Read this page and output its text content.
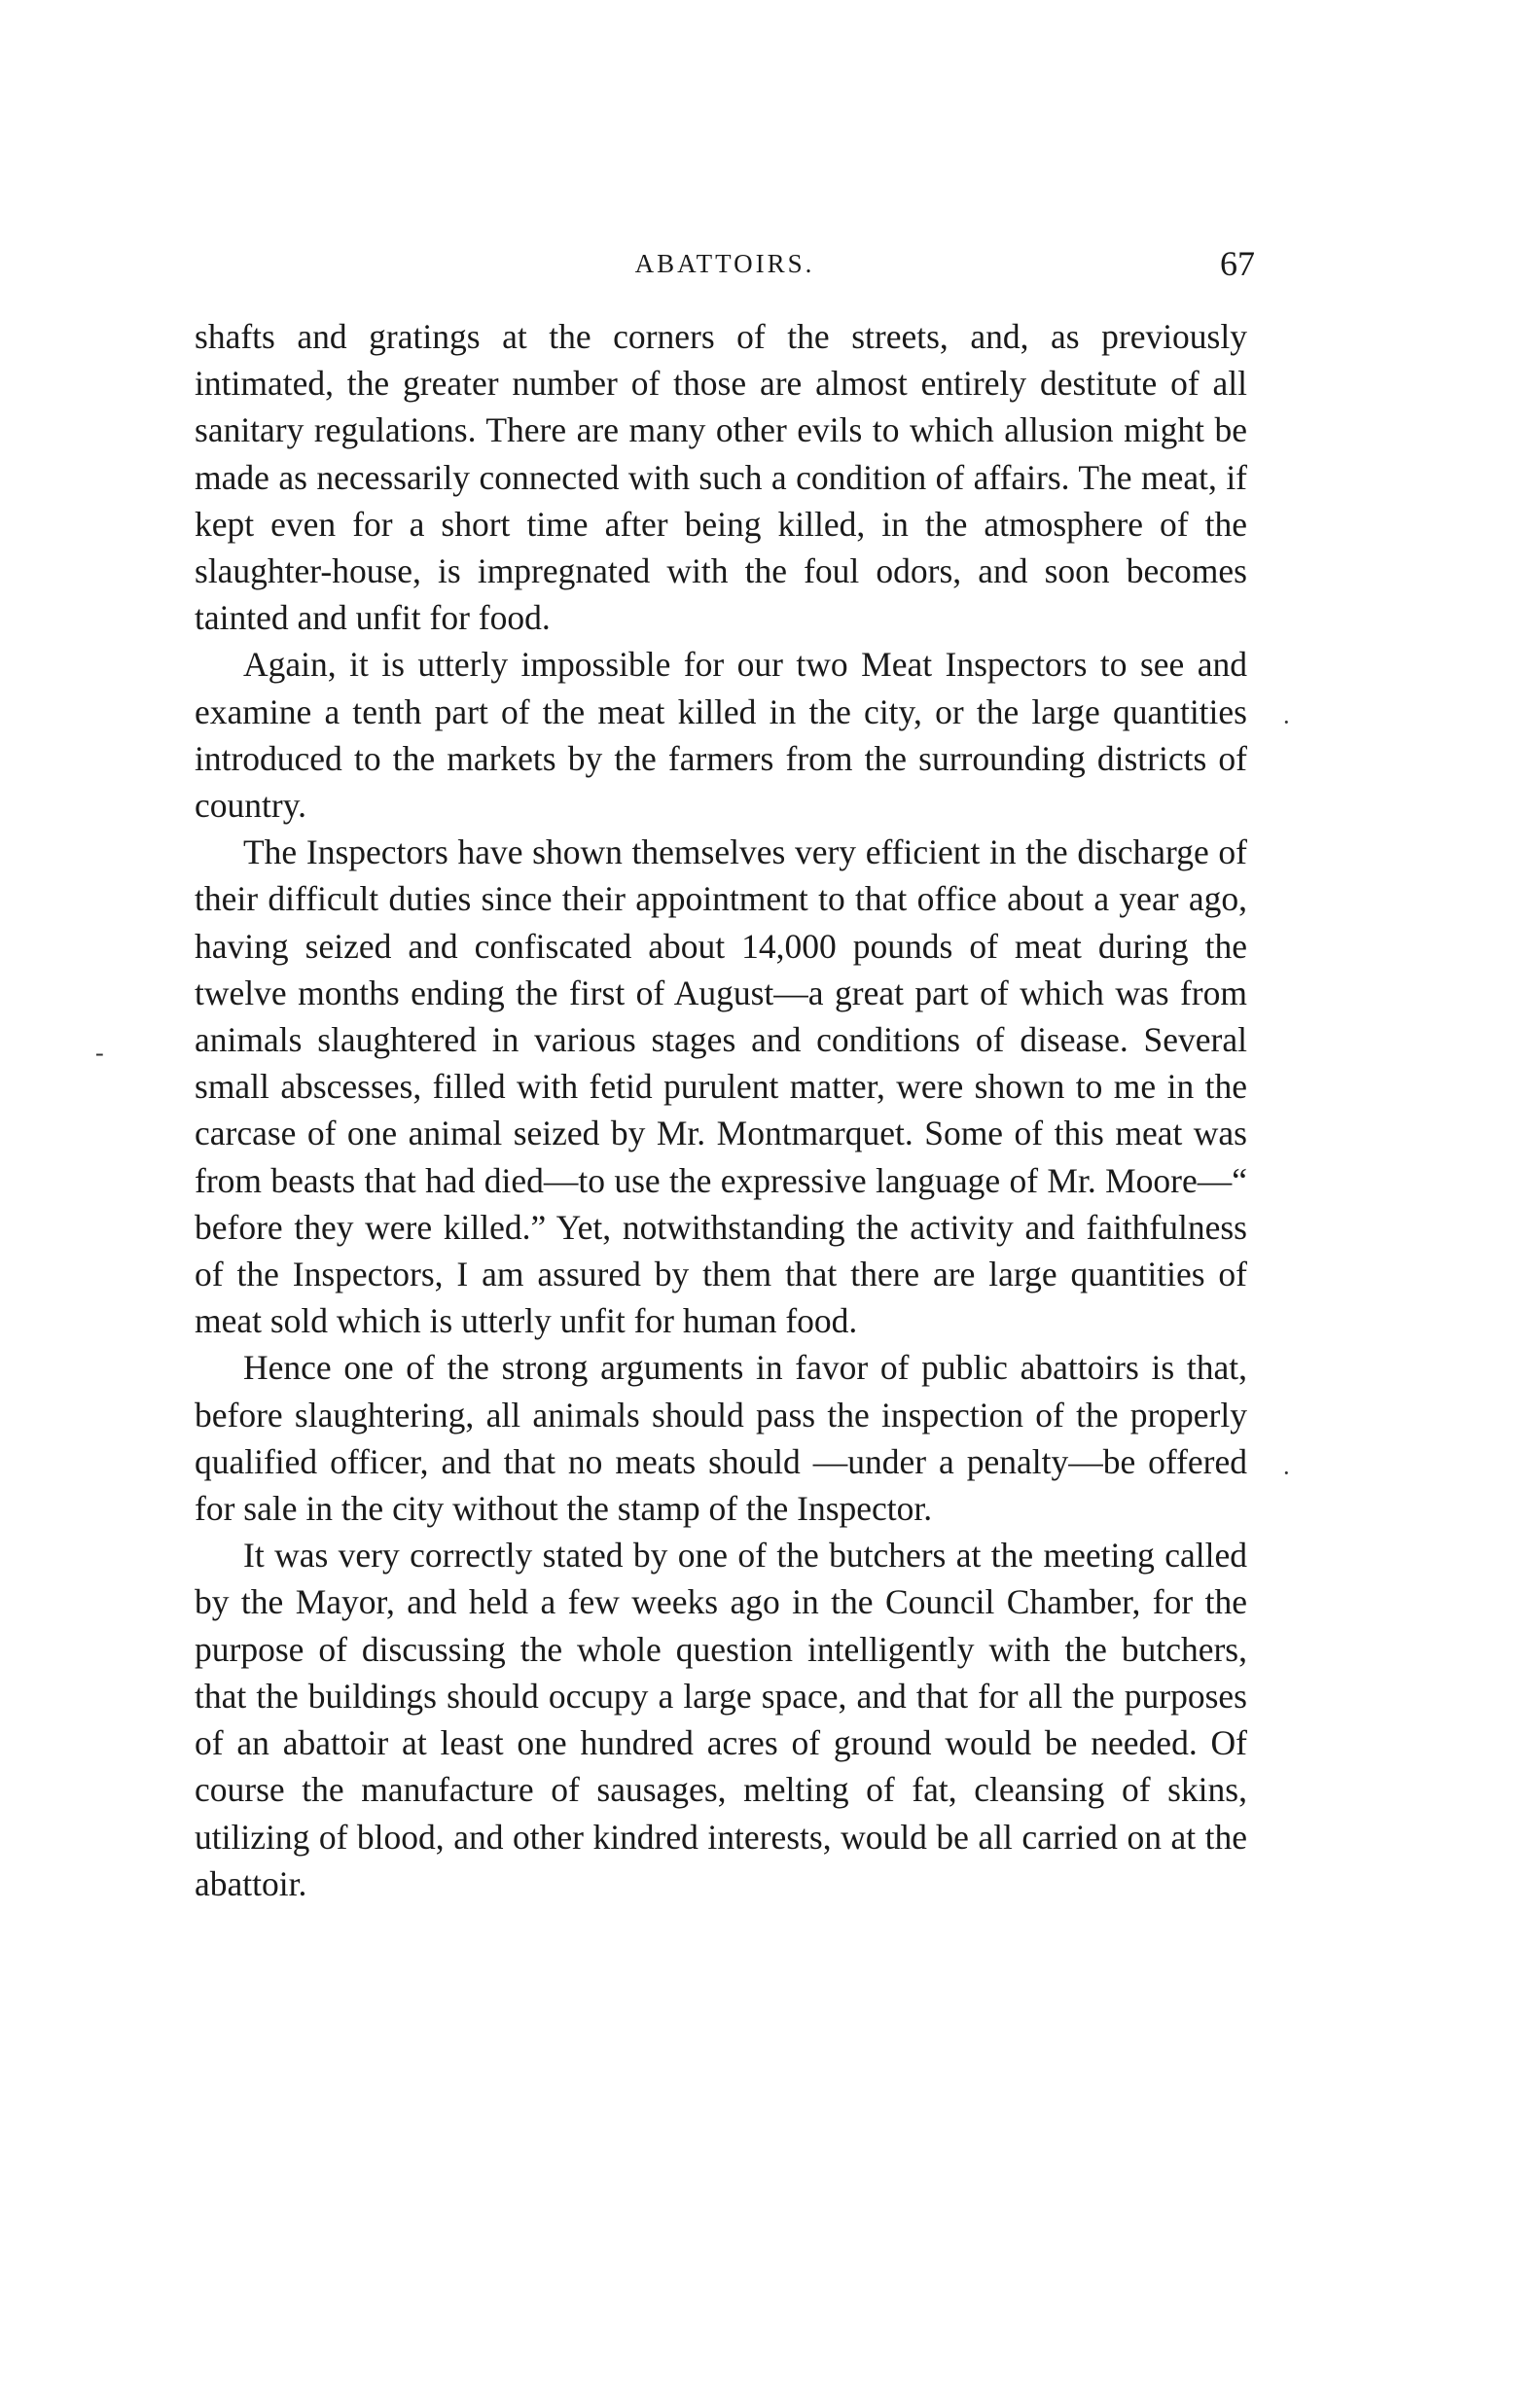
ABATTOIRS.	67

shafts and gratings at the corners of the streets, and, as previously intimated, the greater number of those are almost entirely destitute of all sanitary regulations. There are many other evils to which allusion might be made as necessarily connected with such a condition of affairs. The meat, if kept even for a short time after being killed, in the atmosphere of the slaughter-house, is impregnated with the foul odors, and soon becomes tainted and unfit for food.

Again, it is utterly impossible for our two Meat Inspectors to see and examine a tenth part of the meat killed in the city, or the large quantities introduced to the markets by the farmers from the surrounding districts of country.

The Inspectors have shown themselves very efficient in the discharge of their difficult duties since their appointment to that office about a year ago, having seized and confiscated about 14,000 pounds of meat during the twelve months ending the first of August—a great part of which was from animals slaughtered in various stages and conditions of disease. Several small abscesses, filled with fetid purulent matter, were shown to me in the carcase of one animal seized by Mr. Montmarquet. Some of this meat was from beasts that had died—to use the expressive language of Mr. Moore—“ before they were killed.” Yet, notwithstanding the activity and faithfulness of the Inspectors, I am assured by them that there are large quantities of meat sold which is utterly unfit for human food.

Hence one of the strong arguments in favor of public abattoirs is that, before slaughtering, all animals should pass the inspection of the properly qualified officer, and that no meats should —under a penalty—be offered for sale in the city without the stamp of the Inspector.

It was very correctly stated by one of the butchers at the meeting called by the Mayor, and held a few weeks ago in the Council Chamber, for the purpose of discussing the whole question intelligently with the butchers, that the buildings should occupy a large space, and that for all the purposes of an abattoir at least one hundred acres of ground would be needed. Of course the manufacture of sausages, melting of fat, cleansing of skins, utilizing of blood, and other kindred interests, would be all carried on at the abattoir.

·
·
-
